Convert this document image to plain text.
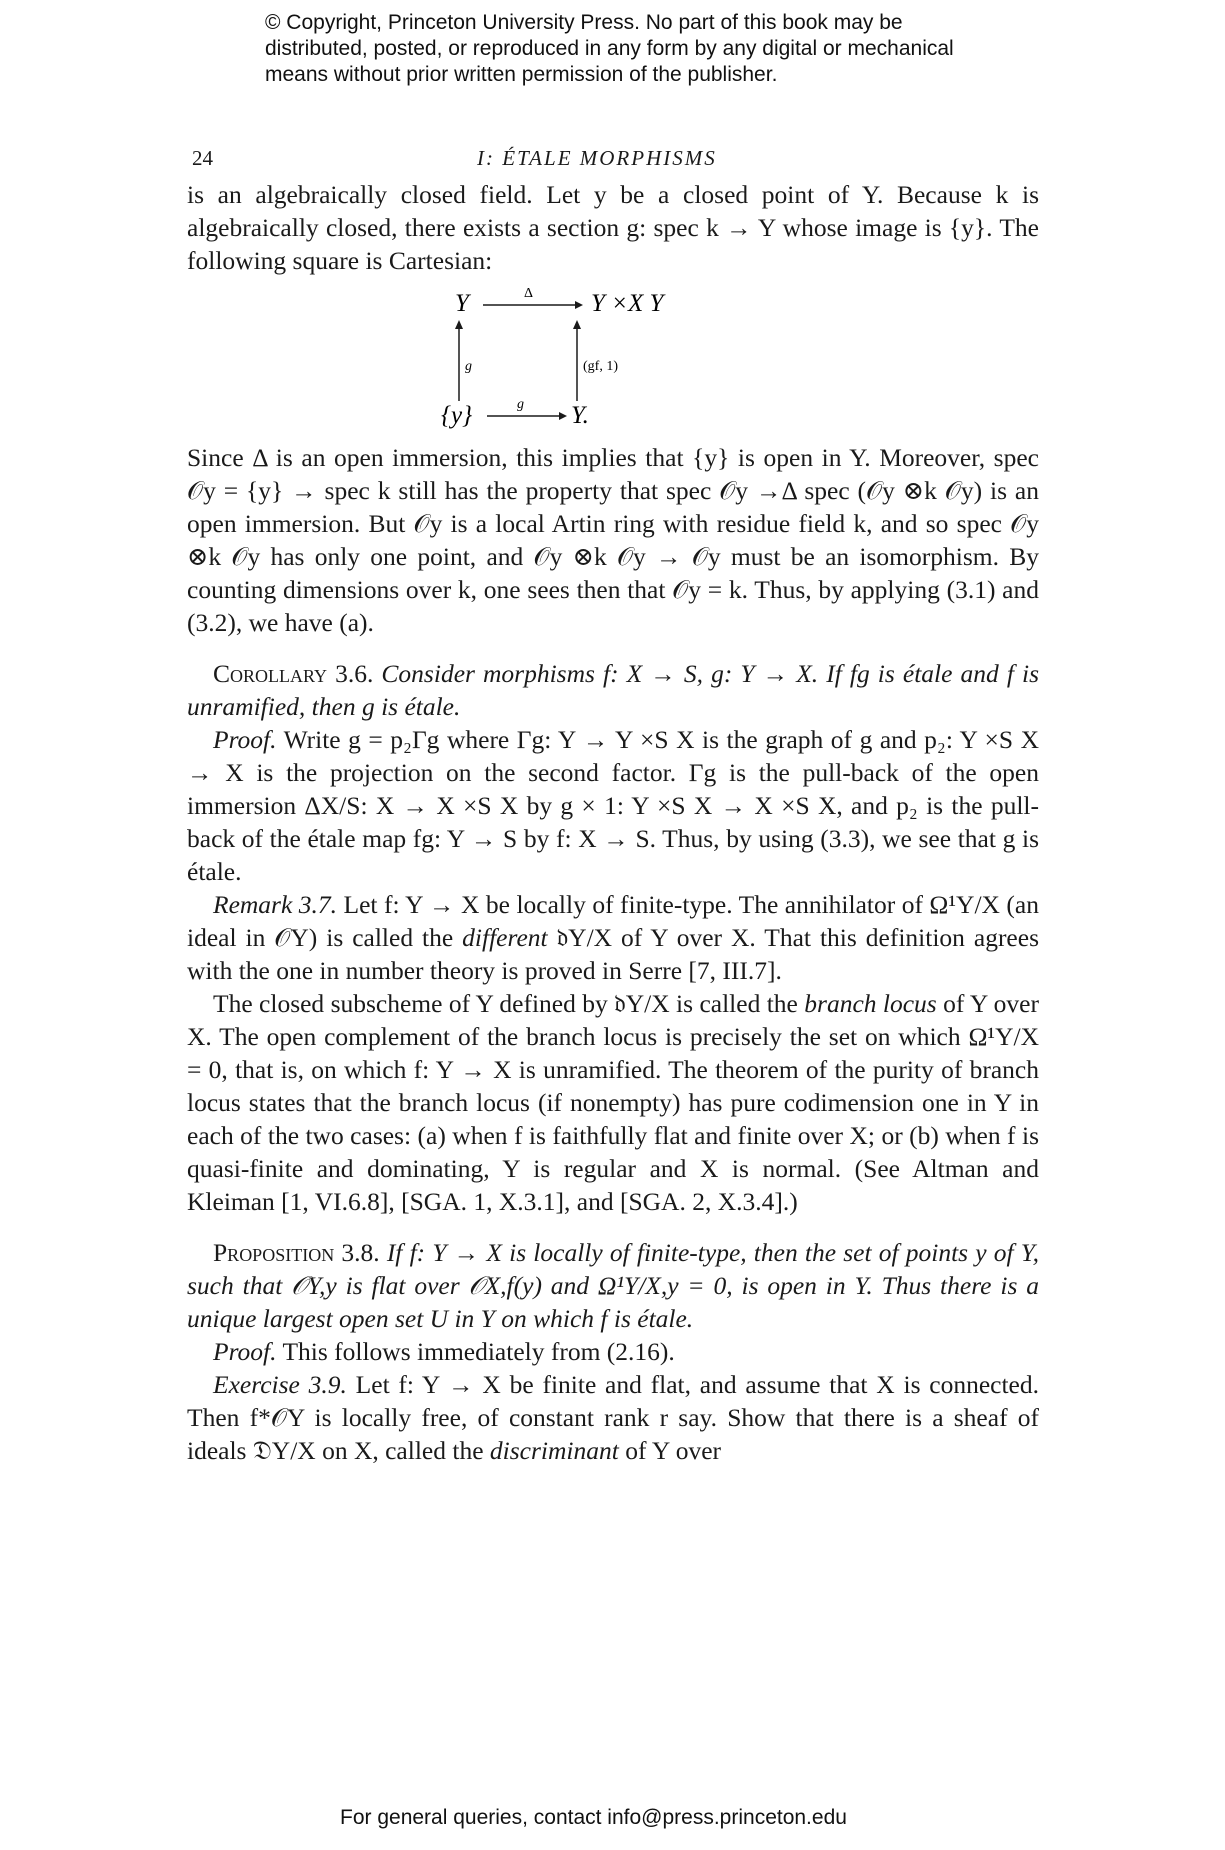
© Copyright, Princeton University Press. No part of this book may be
distributed, posted, or reproduced in any form by any digital or mechanical
means without prior written permission of the publisher.
24	I: ÉTALE MORPHISMS

is an algebraically closed field. Let y be a closed point of Y. Because k is algebraically closed, there exists a section g: spec k → Y whose image is {y}. The following square is Cartesian:

Y	Δ Y ×X Y
g	(gf, 1)
{y}	g Y.

Since Δ is an open immersion, this implies that {y} is open in Y. Moreover, spec 𝒪y = {y} → spec k still has the property that spec 𝒪y →Δ spec (𝒪y ⊗k 𝒪y) is an open immersion. But 𝒪y is a local Artin ring with residue field k, and so spec 𝒪y ⊗k 𝒪y has only one point, and 𝒪y ⊗k 𝒪y → 𝒪y must be an isomorphism. By counting dimensions over k, one sees then that 𝒪y = k. Thus, by applying (3.1) and (3.2), we have (a).

Corollary 3.6. Consider morphisms f: X → S, g: Y → X. If fg is étale and f is unramified, then g is étale.

Proof. Write g = p₂Γg where Γg: Y → Y ×S X is the graph of g and p₂: Y ×S X → X is the projection on the second factor. Γg is the pull-back of the open immersion ΔX/S: X → X ×S X by g × 1: Y ×S X → X ×S X, and p₂ is the pull-back of the étale map fg: Y → S by f: X → S. Thus, by using (3.3), we see that g is étale.

Remark 3.7. Let f: Y → X be locally of finite-type. The annihilator of Ω¹Y/X (an ideal in 𝒪Y) is called the different 𝔡Y/X of Y over X. That this definition agrees with the one in number theory is proved in Serre [7, III.7].

The closed subscheme of Y defined by 𝔡Y/X is called the branch locus of Y over X. The open complement of the branch locus is precisely the set on which Ω¹Y/X = 0, that is, on which f: Y → X is unramified. The theorem of the purity of branch locus states that the branch locus (if nonempty) has pure codimension one in Y in each of the two cases: (a) when f is faithfully flat and finite over X; or (b) when f is quasi-finite and dominating, Y is regular and X is normal. (See Altman and Kleiman [1, VI.6.8], [SGA. 1, X.3.1], and [SGA. 2, X.3.4].)

Proposition 3.8. If f: Y → X is locally of finite-type, then the set of points y of Y, such that 𝒪Y,y is flat over 𝒪X,f(y) and Ω¹Y/X,y = 0, is open in Y. Thus there is a unique largest open set U in Y on which f is étale.

Proof. This follows immediately from (2.16).

Exercise 3.9. Let f: Y → X be finite and flat, and assume that X is connected. Then f*𝒪Y is locally free, of constant rank r say. Show that there is a sheaf of ideals 𝔇Y/X on X, called the discriminant of Y over

For general queries, contact info@press.princeton.edu
